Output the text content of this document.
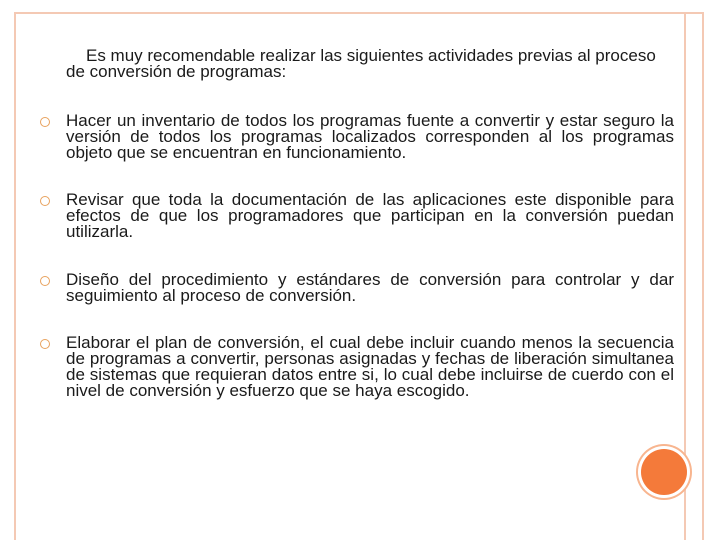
Es muy recomendable realizar las siguientes actividades previas al proceso de conversión de programas:

Hacer un inventario de todos los programas fuente a convertir y estar seguro la versión de todos los programas localizados corresponden al los programas objeto que se encuentran en funcionamiento.

Revisar que toda la documentación de las aplicaciones este disponible para efectos de que los programadores que participan en la conversión puedan utilizarla.

Diseño del procedimiento y estándares de conversión para controlar y dar seguimiento al proceso de conversión.

Elaborar el plan de conversión, el cual debe incluir cuando menos la secuencia de programas a convertir, personas asignadas y fechas de liberación simultanea de sistemas que requieran datos entre si, lo cual debe incluirse de cuerdo con el nivel de conversión y esfuerzo que se haya escogido.
